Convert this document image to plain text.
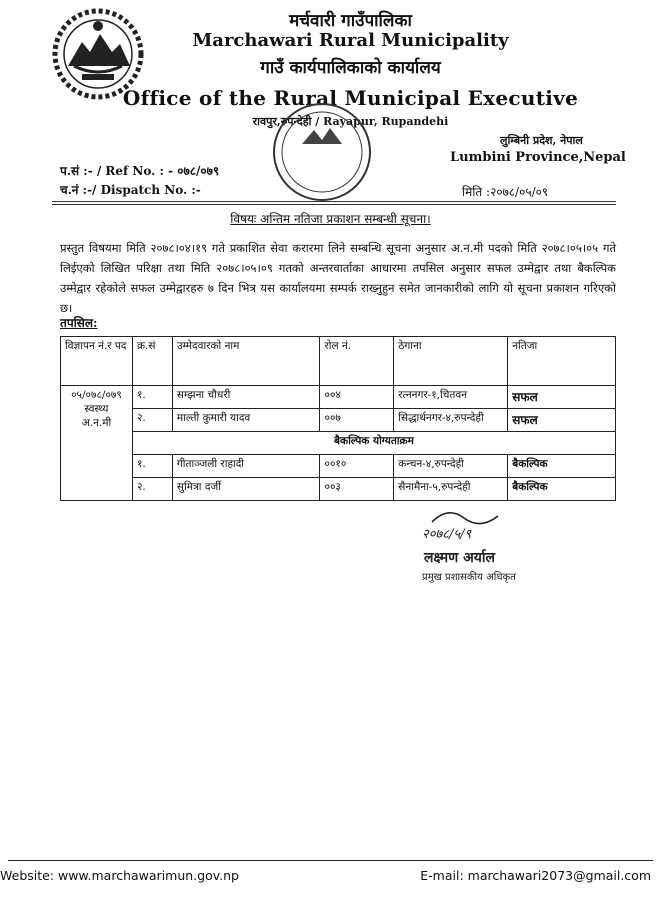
मर्चवारी गाउँपालिका
Marchawari Rural Municipality
गाउँ कार्यपालिकाको कार्यालय
Office of the Rural Municipal Executive
रावपुर,रुपन्देही / Rayapur, Rupandehi
लुम्बिनी प्रदेश, नेपाल
Lumbini Province,Nepal
प.सं :- / Ref No. : - ०७८/०७९
च.नं :-/ Dispatch No. :-	मिति :२०७८/०५/०९
विषयः अन्तिम नतिजा प्रकाशन सम्बन्धी सूचना।
प्रस्तुत विषयमा मिति २०७८।०४।१९ गते प्रकाशित सेवा करारमा लिने सम्बन्धि सूचना अनुसार अ.न.मी पदको मिति २०७८।०५।०५ गते लिईएको लिखित परिक्षा तथा मिति २०७८।०५।०९ गतको अन्तरवार्ताका आधारमा तपसिल अनुसार सफल उम्मेद्वार तथा बैकल्पिक उम्मेद्वार रहेकोले सफल उम्मेद्वारहरु ७ दिन भित्र यस कार्यालयमा सम्पर्क राख्नुहुन समेत जानकारीको लागि यो सूचना प्रकाशन गरिएको छ।
तपसिल:
विज्ञापन नं.र पद	क्र.सं	उम्मेदवारको नाम	रोल नं.	ठेगाना	नतिजा

०५/०७८/०७९
स्वस्थ्य
अ.न.मी	१.	सम्झना चौधरी	००४	रत्ननगर-१,चितवन	सफल
	२.	माल्ती कुमारी यादव	००७	सिद्धार्थनगर-४,रुपन्देही	सफल
	बैकल्पिक योग्यताक्रम				
	१.	गीताञ्जली राहादी	००१०	कन्चन-४,रुपन्देही	बैकल्पिक
	२.	सुमित्रा दर्जी	००३	सैनामैना-५,रुपन्देही	बैकल्पिक
२०७८/५/९
लक्ष्मण अर्याल
प्रमुख प्रशासकीय अधिकृत
Website: www.marchawarimun.gov.np	E-mail: marchawari2073@gmail.com
